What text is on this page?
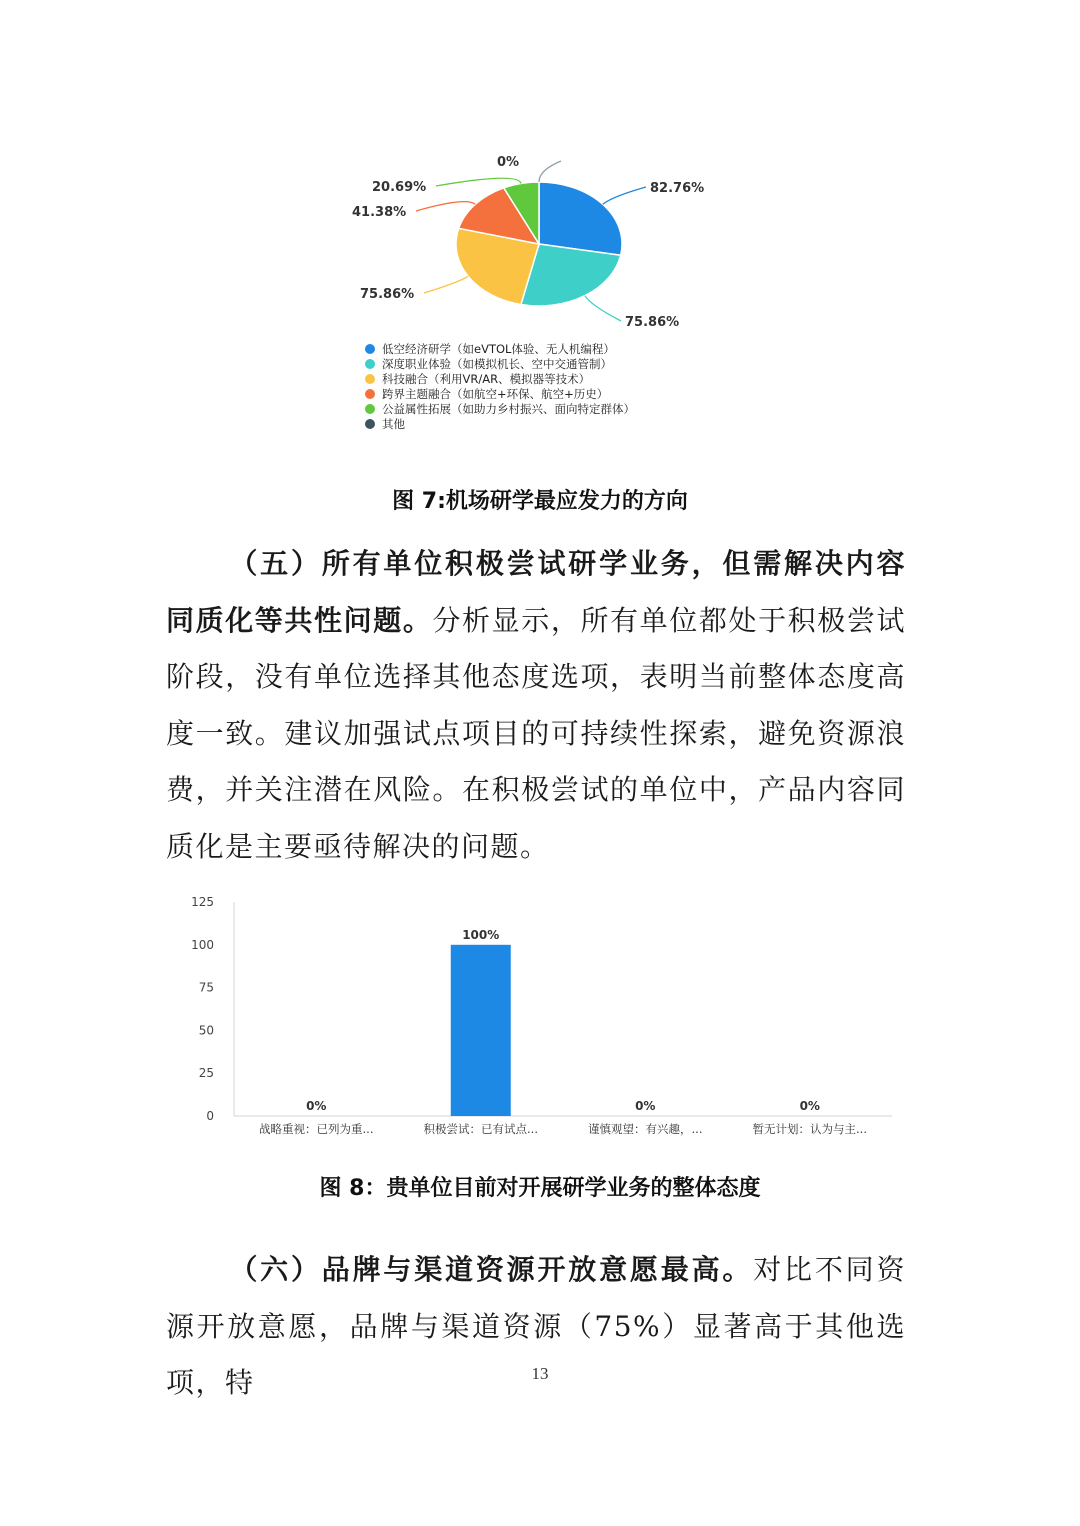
82.76%
75.86%
75.86%
41.38%
20.69%
0%
低空经济研学（如eVTOL体验、无人机编程）
深度职业体验（如模拟机长、空中交通管制）
科技融合（利用VR/AR、模拟器等技术）
跨界主题融合（如航空+环保、航空+历史）
公益属性拓展（如助力乡村振兴、面向特定群体）
其他
图 7:机场研学最应发力的方向
（五）所有单位积极尝试研学业务，但需解决内容同质化等共性问题。分析显示，所有单位都处于积极尝试阶段，没有单位选择其他态度选项，表明当前整体态度高度一致。建议加强试点项目的可持续性探索，避免资源浪费，并关注潜在风险。在积极尝试的单位中，产品内容同质化是主要亟待解决的问题。
0
25
50
75
100
125
0%
战略重视：已列为重...
100%
积极尝试：已有试点...
0%
谨慎观望：有兴趣，...
0%
暂无计划：认为与主...
图 8：贵单位目前对开展研学业务的整体态度
（六）品牌与渠道资源开放意愿最高。对比不同资源开放意愿，品牌与渠道资源（75%）显著高于其他选项，特	13
